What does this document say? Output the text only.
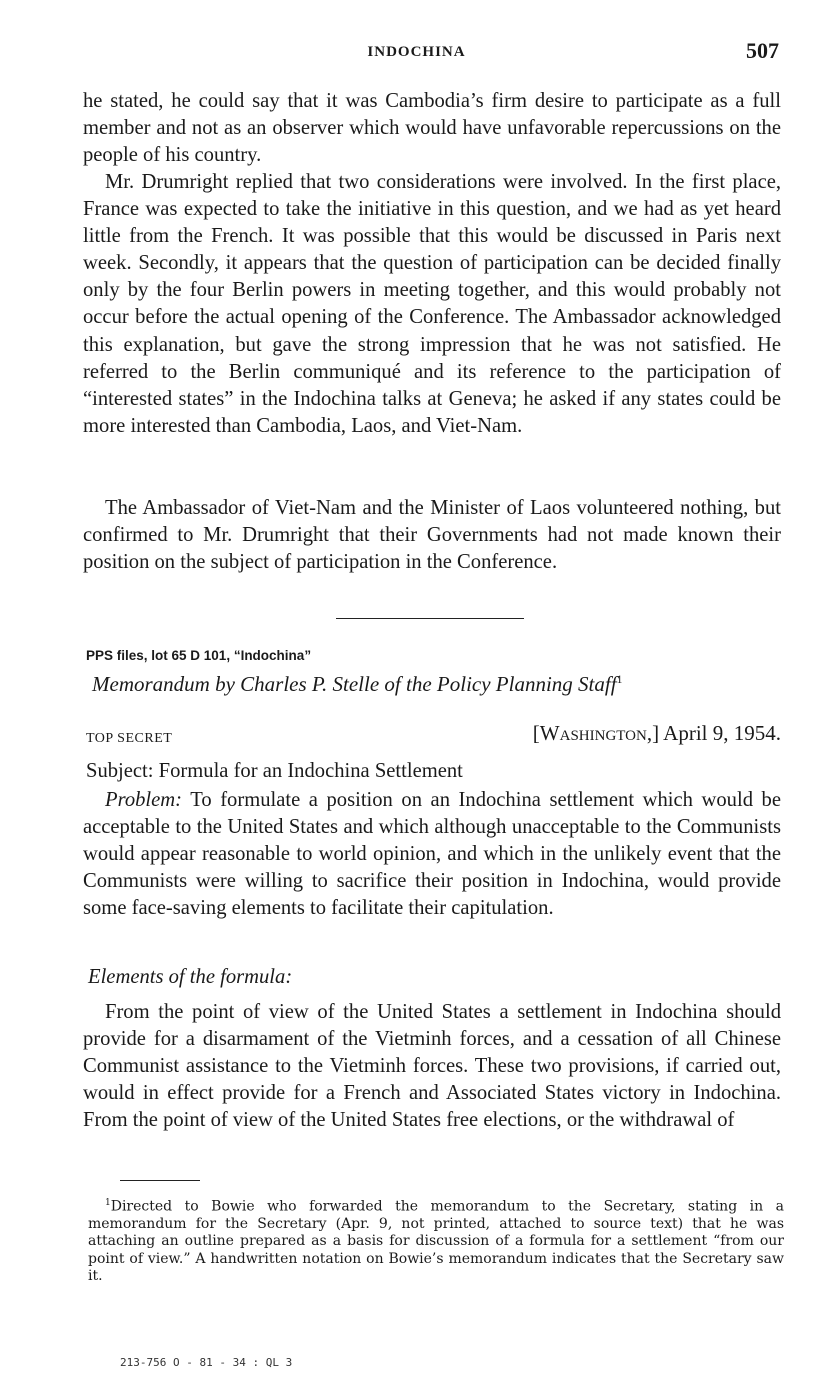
INDOCHINA	507

he stated, he could say that it was Cambodia’s firm desire to participate as a full member and not as an observer which would have unfavorable repercussions on the people of his country.

Mr. Drumright replied that two considerations were involved. In the first place, France was expected to take the initiative in this question, and we had as yet heard little from the French. It was possible that this would be discussed in Paris next week. Secondly, it appears that the question of participation can be decided finally only by the four Berlin powers in meeting together, and this would probably not occur before the actual opening of the Conference. The Ambassador acknowledged this explanation, but gave the strong impression that he was not satisfied. He referred to the Berlin communiqué and its reference to the participation of “interested states” in the Indochina talks at Geneva; he asked if any states could be more interested than Cambodia, Laos, and Viet-Nam.

The Ambassador of Viet-Nam and the Minister of Laos volunteered nothing, but confirmed to Mr. Drumright that their Governments had not made known their position on the subject of participation in the Conference.

PPS files, lot 65 D 101, “Indochina”
Memorandum by Charles P. Stelle of the Policy Planning Staff$^1$
TOP SECRET	[Washington,] April 9, 1954.
Subject: Formula for an Indochina Settlement

Problem: To formulate a position on an Indochina settlement which would be acceptable to the United States and which although unacceptable to the Communists would appear reasonable to world opinion, and which in the unlikely event that the Communists were willing to sacrifice their position in Indochina, would provide some face-saving elements to facilitate their capitulation.

Elements of the formula:

From the point of view of the United States a settlement in Indochina should provide for a disarmament of the Vietminh forces, and a cessation of all Chinese Communist assistance to the Vietminh forces. These two provisions, if carried out, would in effect provide for a French and Associated States victory in Indochina. From the point of view of the United States free elections, or the withdrawal of

$^1$Directed to Bowie who forwarded the memorandum to the Secretary, stating in a memorandum for the Secretary (Apr. 9, not printed, attached to source text) that he was attaching an outline prepared as a basis for discussion of a formula for a settlement “from our point of view.” A handwritten notation on Bowie’s memorandum indicates that the Secretary saw it.

213-756 O - 81 - 34 : QL 3
